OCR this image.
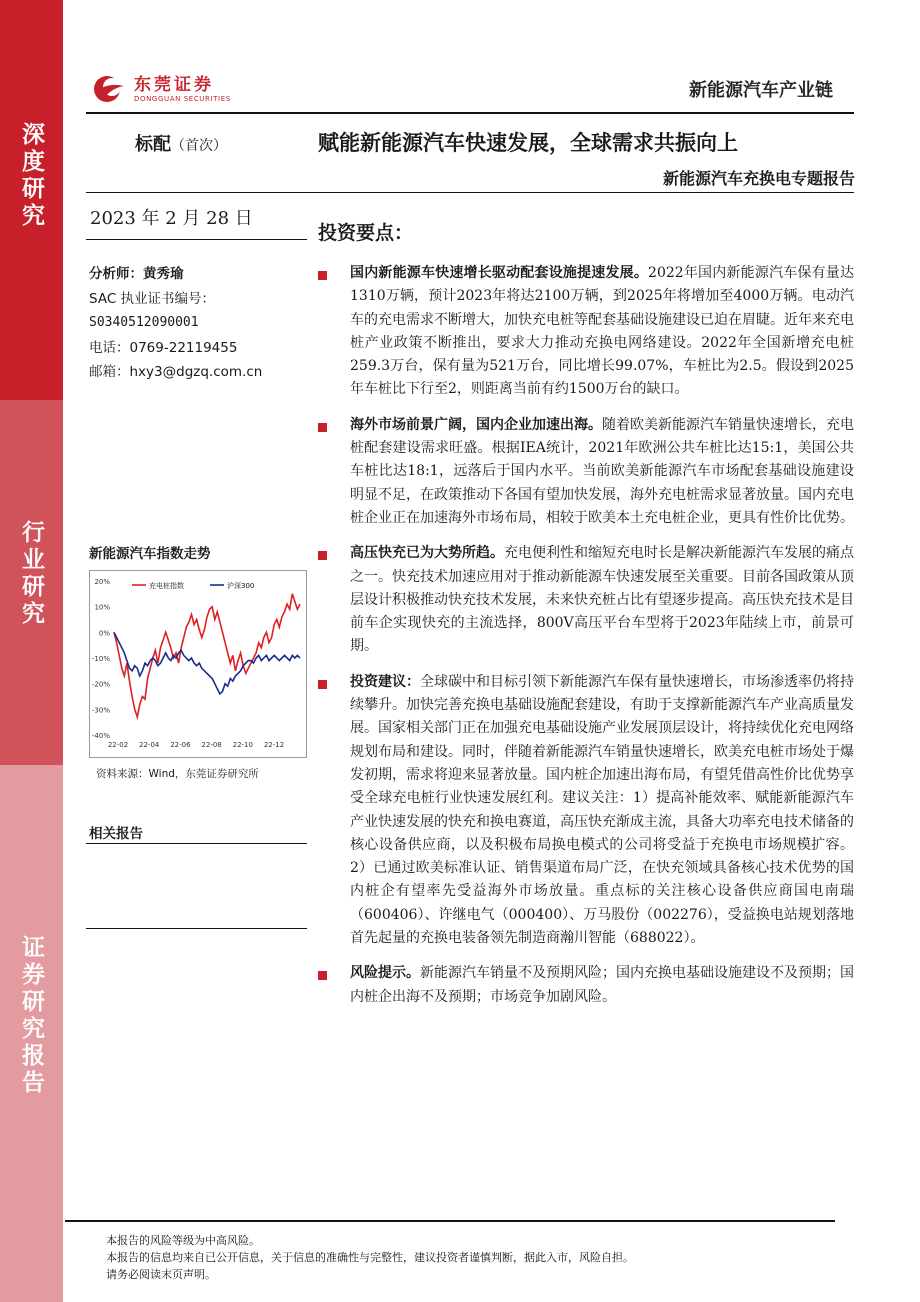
深度研究
行业研究
证券研究报告
东莞证券
DONGGUAN SECURITIES	新能源汽车产业链
标配（首次）	赋能新能源汽车快速发展，全球需求共振向上
新能源汽车充换电专题报告
2023 年 2 月 28 日
投资要点：
分析师：黄秀瑜
SAC 执业证书编号：
S0340512090001
电话：0769-22119455
邮箱：hxy3@dgzq.com.cn
新能源汽车指数走势
20%
10%
0%
-10%
-20%
-30%
-40%
22-02 22-04 22-06 22-08 22-10 22-12
充电桩指数	沪深300
资料来源：Wind，东莞证券研究所
相关报告
国内新能源车快速增长驱动配套设施提速发展。2022年国内新能源汽车保有量达1310万辆，预计2023年将达2100万辆，到2025年将增加至4000万辆。电动汽车的充电需求不断增大，加快充电桩等配套基础设施建设已迫在眉睫。近年来充电桩产业政策不断推出，要求大力推动充换电网络建设。2022年全国新增充电桩259.3万台，保有量为521万台，同比增长99.07%，车桩比为2.5。假设到2025年车桩比下行至2，则距离当前有约1500万台的缺口。
海外市场前景广阔，国内企业加速出海。随着欧美新能源汽车销量快速增长，充电桩配套建设需求旺盛。根据IEA统计，2021年欧洲公共车桩比达15:1，美国公共车桩比达18:1，远落后于国内水平。当前欧美新能源汽车市场配套基础设施建设明显不足，在政策推动下各国有望加快发展，海外充电桩需求显著放量。国内充电桩企业正在加速海外市场布局，相较于欧美本土充电桩企业，更具有性价比优势。
高压快充已为大势所趋。充电便利性和缩短充电时长是解决新能源汽车发展的痛点之一。快充技术加速应用对于推动新能源车快速发展至关重要。目前各国政策从顶层设计积极推动快充技术发展，未来快充桩占比有望逐步提高。高压快充技术是目前车企实现快充的主流选择，800V高压平台车型将于2023年陆续上市，前景可期。
投资建议：全球碳中和目标引领下新能源汽车保有量快速增长，市场渗透率仍将持续攀升。加快完善充换电基础设施配套建设，有助于支撑新能源汽车产业高质量发展。国家相关部门正在加强充电基础设施产业发展顶层设计，将持续优化充电网络规划布局和建设。同时，伴随着新能源汽车销量快速增长，欧美充电桩市场处于爆发初期，需求将迎来显著放量。国内桩企加速出海布局，有望凭借高性价比优势享受全球充电桩行业快速发展红利。建议关注：1）提高补能效率、赋能新能源汽车产业快速发展的快充和换电赛道，高压快充渐成主流，具备大功率充电技术储备的核心设备供应商，以及积极布局换电模式的公司将受益于充换电市场规模扩容。2）已通过欧美标准认证、销售渠道布局广泛，在快充领域具备核心技术优势的国内桩企有望率先受益海外市场放量。重点标的关注核心设备供应商国电南瑞（600406）、许继电气（000400）、万马股份（002276），受益换电站规划落地首先起量的充换电装备领先制造商瀚川智能（688022）。
风险提示。新能源汽车销量不及预期风险；国内充换电基础设施建设不及预期；国内桩企出海不及预期；市场竞争加剧风险。
本报告的风险等级为中高风险。
本报告的信息均来自已公开信息，关于信息的准确性与完整性，建议投资者谨慎判断，据此入市，风险自担。
请务必阅读末页声明。
